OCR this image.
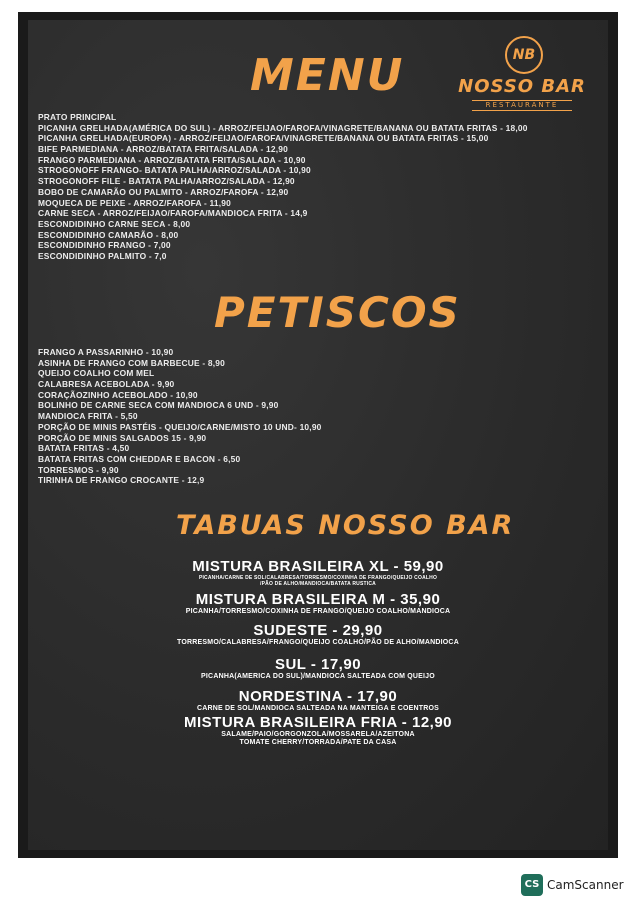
MENU	NB
NOSSO BAR
RESTAURANTE
PRATO PRINCIPAL
PICANHA GRELHADA(AMÉRICA DO SUL) - ARROZ/FEIJAO/FAROFA/VINAGRETE/BANANA OU BATATA FRITAS - 18,00
PICANHA GRELHADA(EUROPA) - ARROZ/FEIJAO/FAROFA/VINAGRETE/BANANA OU BATATA FRITAS - 15,00
BIFE PARMEDIANA - ARROZ/BATATA FRITA/SALADA - 12,90
FRANGO PARMEDIANA - ARROZ/BATATA FRITA/SALADA - 10,90
STROGONOFF FRANGO- BATATA PALHA/ARROZ/SALADA - 10,90
STROGONOFF FILE - BATATA PALHA/ARROZ/SALADA - 12,90
BOBO DE CAMARÃO OU PALMITO - ARROZ/FAROFA - 12,90
MOQUECA DE PEIXE - ARROZ/FAROFA - 11,90
CARNE SECA - ARROZ/FEIJAO/FAROFA/MANDIOCA FRITA - 14,9
ESCONDIDINHO CARNE SECA - 8,00
ESCONDIDINHO CAMARÃO - 8,00
ESCONDIDINHO FRANGO - 7,00
ESCONDIDINHO PALMITO - 7,0
PETISCOS
FRANGO A PASSARINHO - 10,90
ASINHA DE FRANGO COM BARBECUE - 8,90
QUEIJO COALHO COM MEL
CALABRESA ACEBOLADA - 9,90
CORAÇÃOZINHO ACEBOLADO - 10,90
BOLINHO DE CARNE SECA COM MANDIOCA 6 UND - 9,90
MANDIOCA FRITA - 5,50
PORÇÃO DE MINIS PASTÉIS - QUEIJO/CARNE/MISTO 10 UND- 10,90
PORÇÃO DE MINIS SALGADOS 15 - 9,90
BATATA FRITAS - 4,50
BATATA FRITAS COM CHEDDAR E BACON - 6,50
TORRESMOS - 9,90
TIRINHA DE FRANGO CROCANTE - 12,9
TABUAS NOSSO BAR
MISTURA BRASILEIRA XL - 59,90
PICANHA/CARNE DE SOL/CALABRESA/TORRESMO/COXINHA DE FRANGO/QUEIJO COALHO
/PÃO DE ALHO/MANDIOCA/BATATA RUSTICA
MISTURA BRASILEIRA M - 35,90
PICANHA/TORRESMO/COXINHA DE FRANGO/QUEIJO COALHO/MANDIOCA
SUDESTE - 29,90
TORRESMO/CALABRESA/FRANGO/QUEIJO COALHO/PÃO DE ALHO/MANDIOCA
SUL - 17,90
PICANHA(AMERICA DO SUL)/MANDIOCA SALTEADA COM QUEIJO
NORDESTINA - 17,90
CARNE DE SOL/MANDIOCA SALTEADA NA MANTEIGA E COENTROS
MISTURA BRASILEIRA FRIA - 12,90
SALAME/PAIO/GORGONZOLA/MOSSARELA/AZEITONA
TOMATE CHERRY/TORRADA/PATE DA CASA
CS CamScanner
